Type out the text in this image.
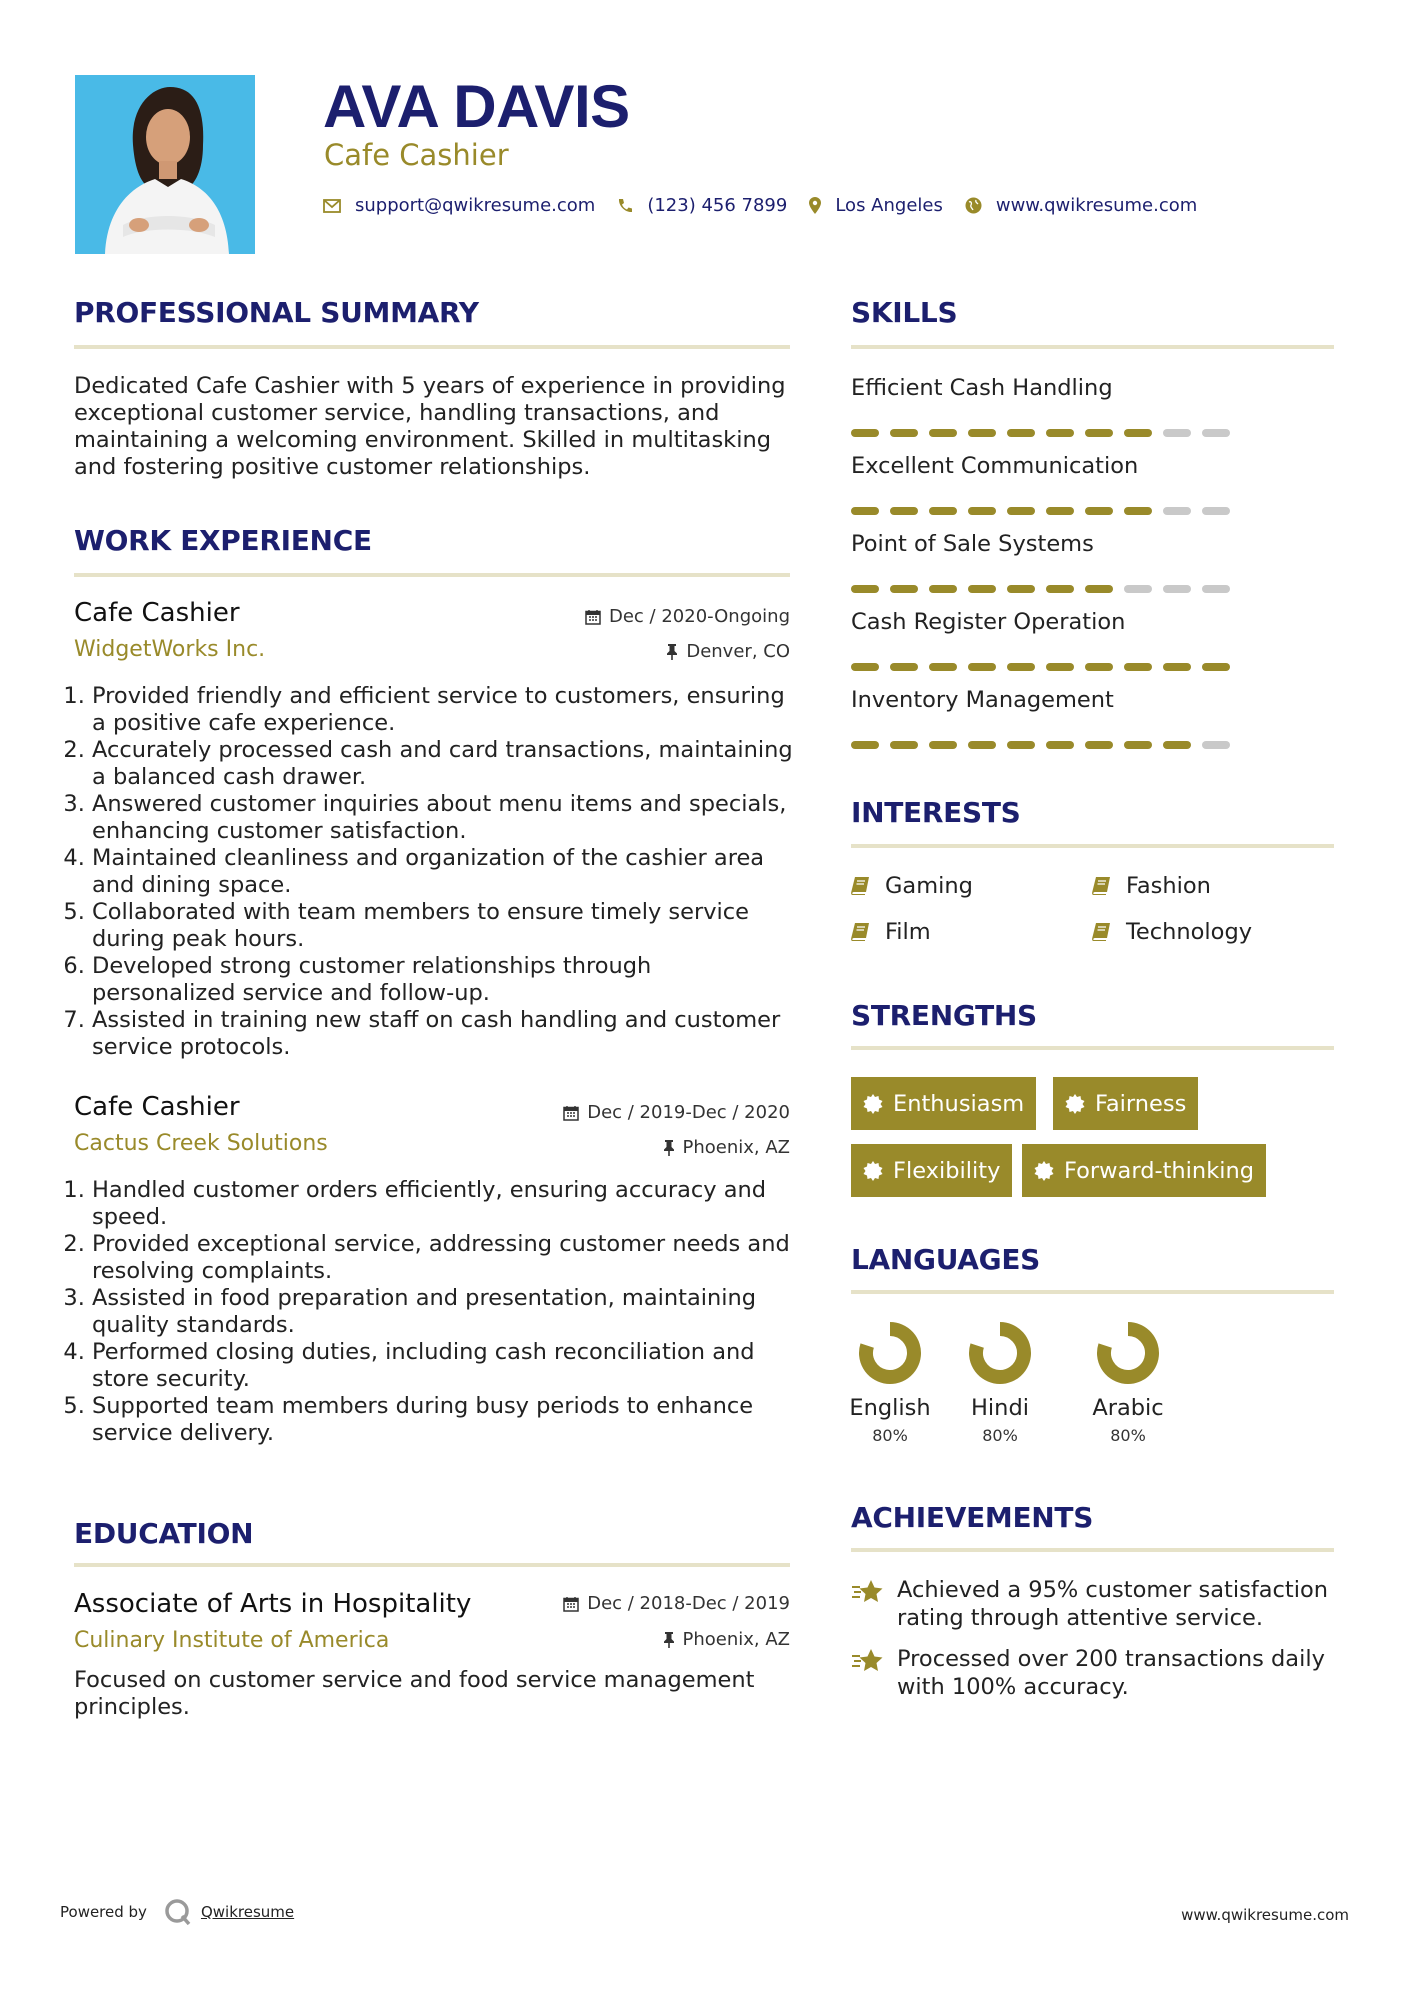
AVA DAVIS
Cafe Cashier
support@qwikresume.com	(123) 456 7899	Los Angeles	www.qwikresume.com
PROFESSIONAL SUMMARY
Dedicated Cafe Cashier with 5 years of experience in providing exceptional customer service, handling transactions, and maintaining a welcoming environment. Skilled in multitasking and fostering positive customer relationships.
WORK EXPERIENCE
Cafe Cashier
WidgetWorks Inc.
Dec / 2020-Ongoing
Denver, CO
1. Provided friendly and efficient service to customers, ensuring a positive cafe experience.
2. Accurately processed cash and card transactions, maintaining a balanced cash drawer.
3. Answered customer inquiries about menu items and specials, enhancing customer satisfaction.
4. Maintained cleanliness and organization of the cashier area and dining space.
5. Collaborated with team members to ensure timely service during peak hours.
6. Developed strong customer relationships through personalized service and follow-up.
7. Assisted in training new staff on cash handling and customer service protocols.
Cafe Cashier
Cactus Creek Solutions
Dec / 2019-Dec / 2020
Phoenix, AZ
1. Handled customer orders efficiently, ensuring accuracy and speed.
2. Provided exceptional service, addressing customer needs and resolving complaints.
3. Assisted in food preparation and presentation, maintaining quality standards.
4. Performed closing duties, including cash reconciliation and store security.
5. Supported team members during busy periods to enhance service delivery.
EDUCATION
Associate of Arts in Hospitality
Culinary Institute of America
Dec / 2018-Dec / 2019
Phoenix, AZ
Focused on customer service and food service management principles.
SKILLS
Efficient Cash Handling
Excellent Communication
Point of Sale Systems
Cash Register Operation
Inventory Management
INTERESTS
Gaming	Fashion
Film	Technology
STRENGTHS
Enthusiasm	Fairness
Flexibility	Forward-thinking
LANGUAGES
English
80%
Hindi
80%
Arabic
80%
ACHIEVEMENTS
Achieved a 95% customer satisfaction rating through attentive service.
Processed over 200 transactions daily with 100% accuracy.
Powered by	Qwikresume	www.qwikresume.com
